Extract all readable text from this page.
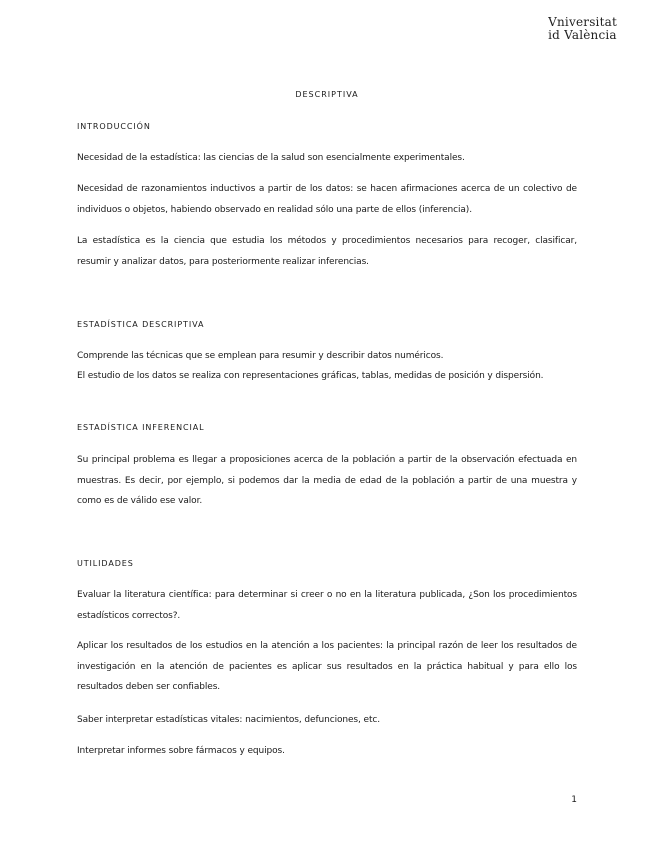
Vniversitat
id València
DESCRIPTIVA
INTRODUCCIÓN
Necesidad de la estadística: las ciencias de la salud son esencialmente experimentales.
Necesidad de razonamientos inductivos a partir de los datos: se hacen afirmaciones acerca de un colectivo de individuos o objetos, habiendo observado en realidad sólo una parte de ellos (inferencia).
La estadística es la ciencia que estudia los métodos y procedimientos necesarios para recoger, clasificar, resumir y analizar datos, para posteriormente realizar inferencias.
ESTADÍSTICA DESCRIPTIVA
Comprende las técnicas que se emplean para resumir y describir datos numéricos.
El estudio de los datos se realiza con representaciones gráficas, tablas, medidas de posición y dispersión.
ESTADÍSTICA INFERENCIAL
Su principal problema es llegar a proposiciones acerca de la población a partir de la observación efectuada en muestras. Es decir, por ejemplo, si podemos dar la media de edad de la población a partir de una muestra y como es de válido ese valor.
UTILIDADES
Evaluar la literatura científica: para determinar si creer o no en la literatura publicada, ¿Son los procedimientos estadísticos correctos?.
Aplicar los resultados de los estudios en la atención a los pacientes: la principal razón de leer los resultados de investigación en la atención de pacientes es aplicar sus resultados en la práctica habitual y para ello los resultados deben ser confiables.
Saber interpretar estadísticas vitales: nacimientos, defunciones, etc.
Interpretar informes sobre fármacos y equipos.
1
